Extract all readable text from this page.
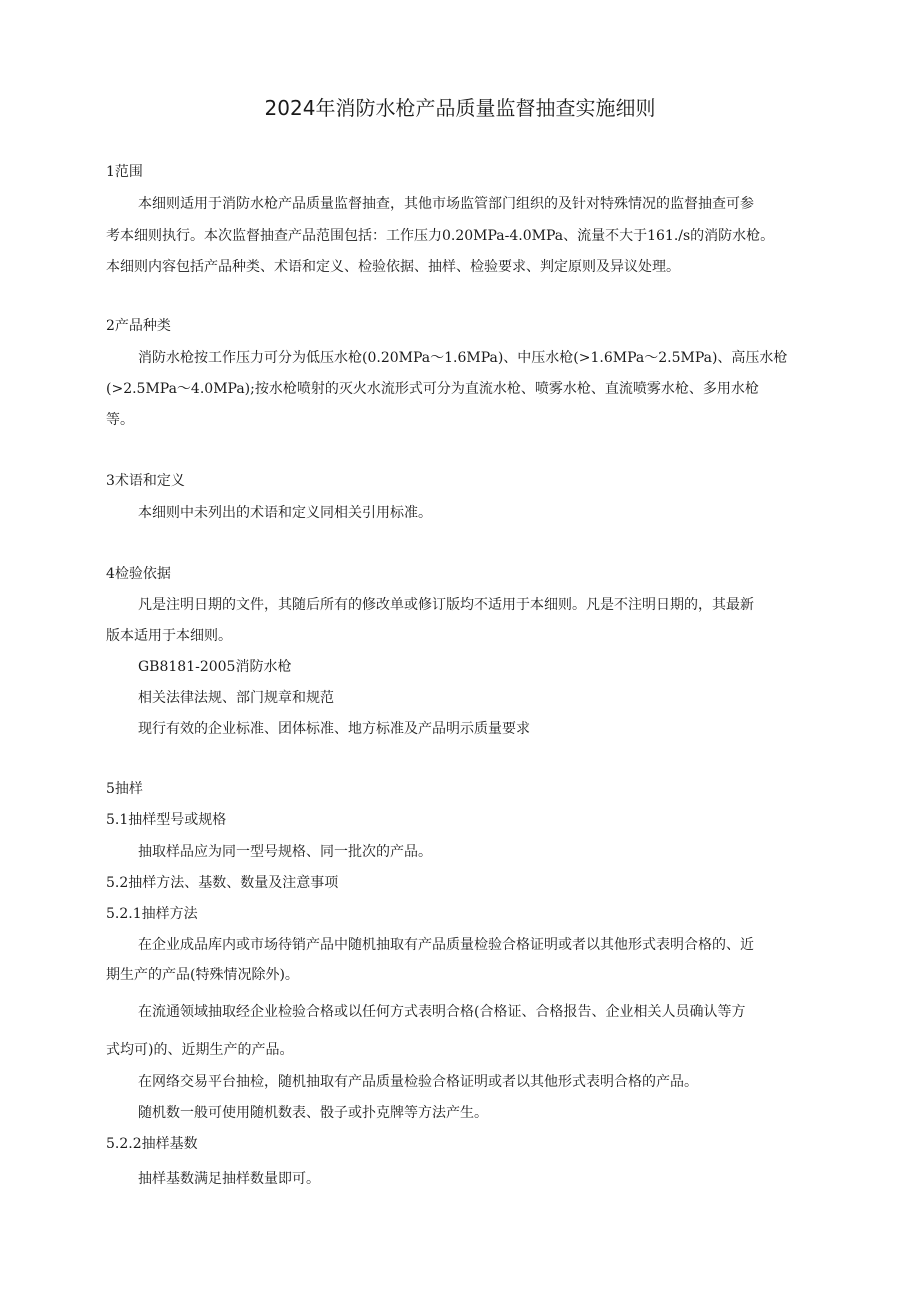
2024年消防水枪产品质量监督抽查实施细则
1范围
本细则适用于消防水枪产品质量监督抽查，其他市场监管部门组织的及针对特殊情况的监督抽查可参
考本细则执行。本次监督抽查产品范围包括：工作压力0.20MPa-4.0MPa、流量不大于161./s的消防水枪。
本细则内容包括产品种类、术语和定义、检验依据、抽样、检验要求、判定原则及异议处理。
2产品种类
消防水枪按工作压力可分为低压水枪(0.20MPa～1.6MPa)、中压水枪(>1.6MPa～2.5MPa)、高压水枪
(>2.5MPa～4.0MPa);按水枪喷射的灭火水流形式可分为直流水枪、喷雾水枪、直流喷雾水枪、多用水枪
等。
3术语和定义
本细则中未列出的术语和定义同相关引用标准。
4检验依据
凡是注明日期的文件，其随后所有的修改单或修订版均不适用于本细则。凡是不注明日期的，其最新
版本适用于本细则。
GB8181-2005消防水枪
相关法律法规、部门规章和规范
现行有效的企业标准、团体标准、地方标准及产品明示质量要求
5抽样
5.1抽样型号或规格
抽取样品应为同一型号规格、同一批次的产品。
5.2抽样方法、基数、数量及注意事项
5.2.1抽样方法
在企业成品库内或市场待销产品中随机抽取有产品质量检验合格证明或者以其他形式表明合格的、近
期生产的产品(特殊情况除外)。
在流通领域抽取经企业检验合格或以任何方式表明合格(合格证、合格报告、企业相关人员确认等方
式均可)的、近期生产的产品。
在网络交易平台抽检，随机抽取有产品质量检验合格证明或者以其他形式表明合格的产品。
随机数一般可使用随机数表、骰子或扑克牌等方法产生。
5.2.2抽样基数
抽样基数满足抽样数量即可。
